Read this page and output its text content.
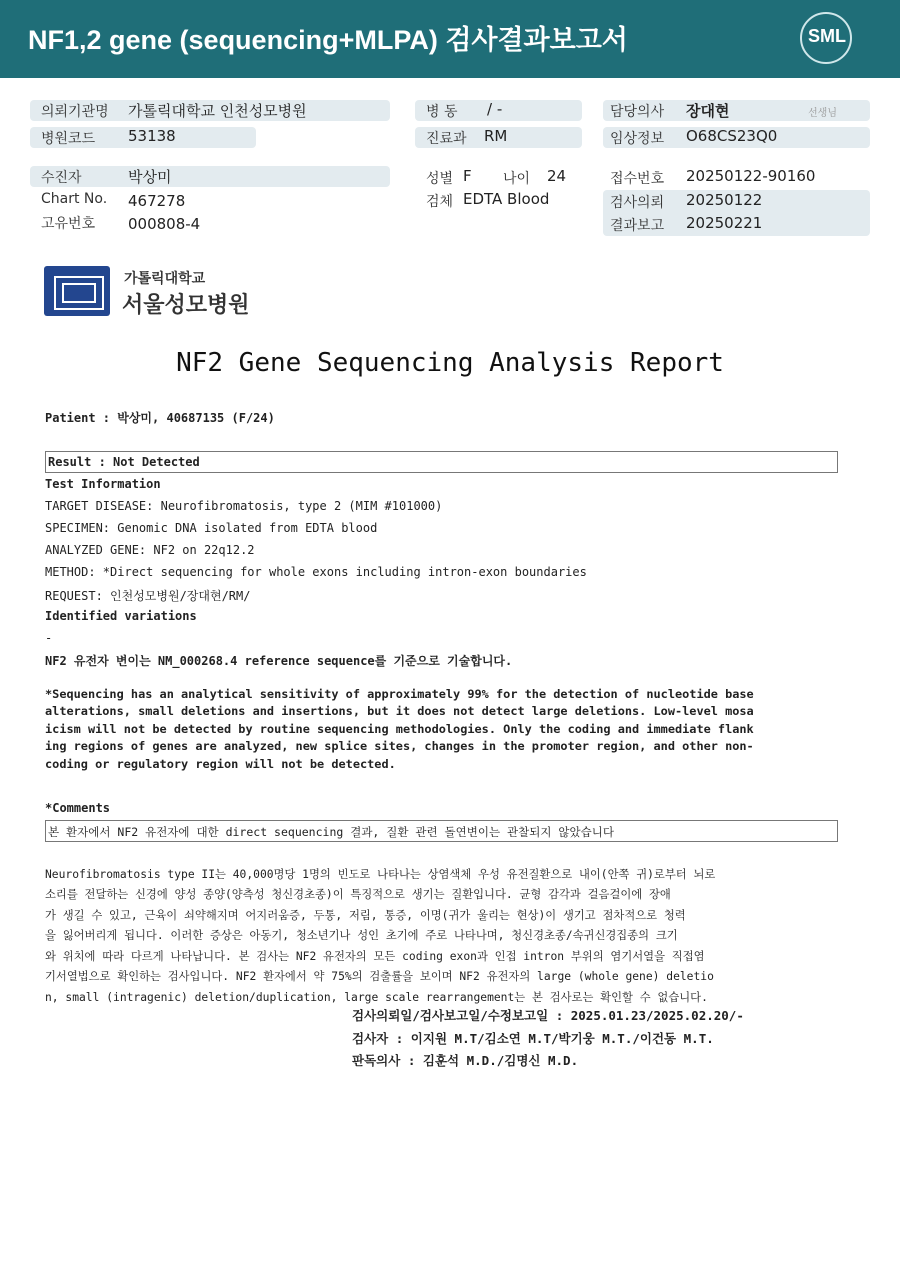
NF1,2 gene (sequencing+MLPA) 검사결과보고서	SML
의뢰기관명 가톨릭대학교 인천성모병원
병원코드 53138
수진자	박상미
Chart No. 467278
고유번호 000808-4
병 동 / -
진료과 RM
성별 F 나이 24
검체 EDTA Blood
담당의사 장대현	선생님
임상정보 O68CS23Q0
접수번호 20250122-90160
검사의뢰 20250122
결과보고 20250221
가톨릭대학교
서울성모병원
NF2 Gene Sequencing Analysis Report
Patient : 박상미, 40687135 (F/24)
Result : Not Detected
Test Information
TARGET DISEASE: Neurofibromatosis, type 2 (MIM #101000)
SPECIMEN: Genomic DNA isolated from EDTA blood
ANALYZED GENE: NF2 on 22q12.2
METHOD: *Direct sequencing for whole exons including intron-exon boundaries
REQUEST: 인천성모병원/장대현/RM/
Identified variations
-
NF2 유전자 변이는 NM_000268.4 reference sequence를 기준으로 기술합니다.

*Sequencing has an analytical sensitivity of approximately 99% for the detection of nucleotide base
alterations, small deletions and insertions, but it does not detect large deletions. Low-level mosa
icism will not be detected by routine sequencing methodologies. Only the coding and immediate flank
ing regions of genes are analyzed, new splice sites, changes in the promoter region, and other non-
coding or regulatory region will not be detected.
*Comments
본 환자에서 NF2 유전자에 대한 direct sequencing 결과, 질환 관련 돌연변이는 관찰되지 않았습니다

Neurofibromatosis type II는 40,000명당 1명의 빈도로 나타나는 상염색체 우성 유전질환으로 내이(안쪽 귀)로부터 뇌로
소리를 전달하는 신경에 양성 종양(양측성 청신경초종)이 특징적으로 생기는 질환입니다. 균형 감각과 걸음걸이에 장애
가 생길 수 있고, 근육이 쇠약해지며 어지러움증, 두통, 저림, 통증, 이명(귀가 울리는 현상)이 생기고 점차적으로 청력
을 잃어버리게 됩니다. 이러한 증상은 아동기, 청소년기나 성인 초기에 주로 나타나며, 청신경초종/속귀신경집종의 크기
와 위치에 따라 다르게 나타납니다. 본 검사는 NF2 유전자의 모든 coding exon과 인접 intron 부위의 염기서열을 직접염
기서열법으로 확인하는 검사입니다. NF2 환자에서 약 75%의 검출률을 보이며 NF2 유전자의 large (whole gene) deletio
n, small (intragenic) deletion/duplication, large scale rearrangement는 본 검사로는 확인할 수 없습니다.
검사의뢰일/검사보고일/수정보고일 : 2025.01.23/2025.02.20/-
검사자 : 이지원 M.T/김소연 M.T/박기웅 M.T./이건동 M.T.
판독의사 : 김훈석 M.D./김명신 M.D.
